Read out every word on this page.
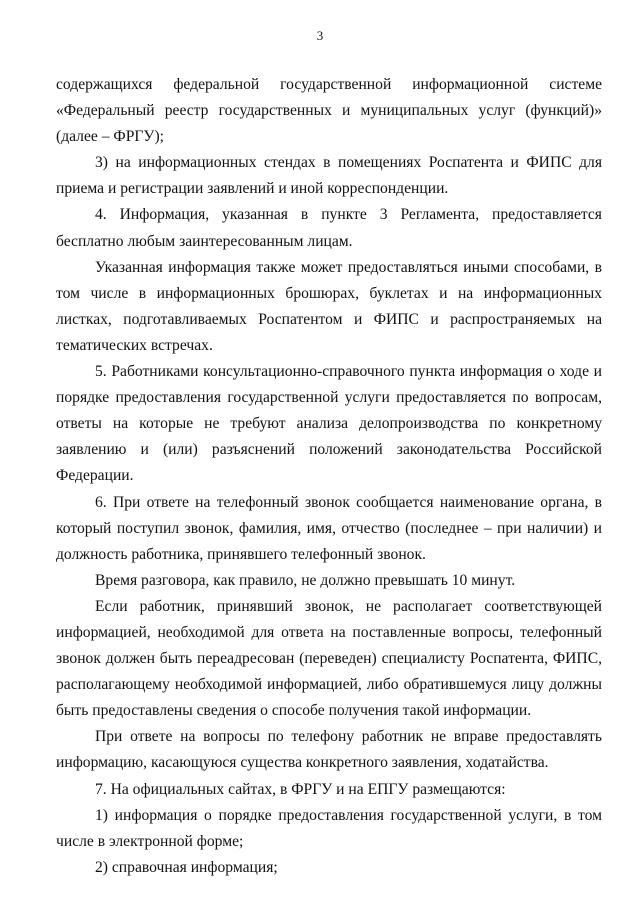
3

содержащихся федеральной государственной информационной системе «Федеральный реестр государственных и муниципальных услуг (функций)» (далее – ФРГУ);

3) на информационных стендах в помещениях Роспатента и ФИПС для приема и регистрации заявлений и иной корреспонденции.

4. Информация, указанная в пункте 3 Регламента, предоставляется бесплатно любым заинтересованным лицам.

Указанная информация также может предоставляться иными способами, в том числе в информационных брошюрах, буклетах и на информационных листках, подготавливаемых Роспатентом и ФИПС и распространяемых на тематических встречах.

5. Работниками консультационно-справочного пункта информация о ходе и порядке предоставления государственной услуги предоставляется по вопросам, ответы на которые не требуют анализа делопроизводства по конкретному заявлению и (или) разъяснений положений законодательства Российской Федерации.

6. При ответе на телефонный звонок сообщается наименование органа, в который поступил звонок, фамилия, имя, отчество (последнее – при наличии) и должность работника, принявшего телефонный звонок.

Время разговора, как правило, не должно превышать 10 минут.

Если работник, принявший звонок, не располагает соответствующей информацией, необходимой для ответа на поставленные вопросы, телефонный звонок должен быть переадресован (переведен) специалисту Роспатента, ФИПС, располагающему необходимой информацией, либо обратившемуся лицу должны быть предоставлены сведения о способе получения такой информации.

При ответе на вопросы по телефону работник не вправе предоставлять информацию, касающуюся существа конкретного заявления, ходатайства.

7. На официальных сайтах, в ФРГУ и на ЕПГУ размещаются:

1) информация о порядке предоставления государственной услуги, в том числе в электронной форме;

2) справочная информация;
